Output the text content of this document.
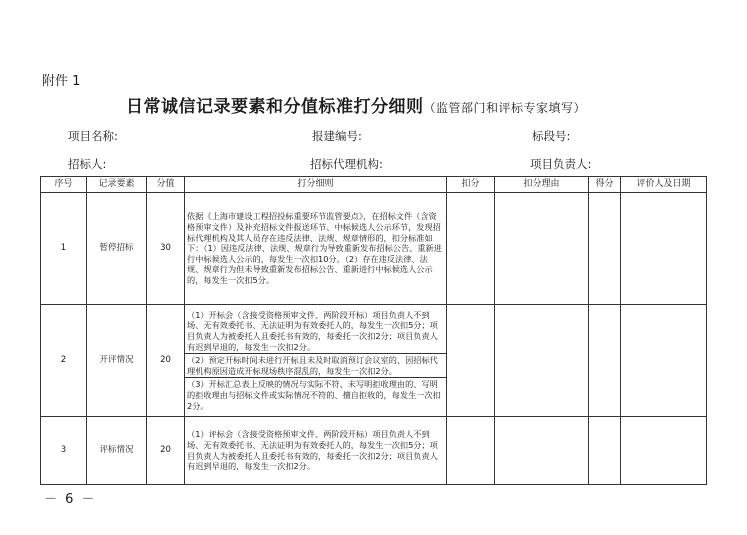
附件 1
日常诚信记录要素和分值标准打分细则（监管部门和评标专家填写）
项目名称:	报建编号:	标段号:
招标人:	招标代理机构:	项目负责人:
序号	记录要素	分值	打分细则	扣分	扣分理由	得分	评价人及日期
1	暂停招标	30	依据《上海市建设工程招投标重要环节监管要点》，在招标文件（含资格预审文件）及补充招标文件报送环节、中标候选人公示环节，发现招标代理机构及其人员存在违反法律、法规、规章情形的，扣分标准如下：（1）因违反法律、法规、规章行为导致重新发布招标公告、重新进行中标候选人公示的，每发生一次扣10分。（2）存在违反法律、法规、规章行为但未导致重新发布招标公告、重新进行中标候选人公示的，每发生一次扣5分。				

2	开评情况	20	（1）开标会（含接受资格预审文件、两阶段开标）项目负责人不到场、无有效委托书、无法证明为有效委托人的，每发生一次扣5分；项目负责人为被委托人且委托书有效的，每委托一次扣2分；项目负责人有迟到早退的，每发生一次扣2分。

（2）预定开标时间未进行开标且未及时取消预订会议室的、因招标代理机构原因造成开标现场秩序混乱的，每发生一次扣2分。

（3）开标汇总表上反映的情况与实际不符、未写明拒收理由的、写明的拒收理由与招标文件或实际情况不符的、擅自拒收的，每发生一次扣2分。				

3	评标情况	20	（1）评标会（含接受资格预审文件、两阶段开标）项目负责人不到场、无有效委托书、无法证明为有效委托人的，每发生一次扣5分；项目负责人为被委托人且委托书有效的，每委托一次扣2分；项目负责人有迟到早退的，每发生一次扣2分。				

－ 6 －
